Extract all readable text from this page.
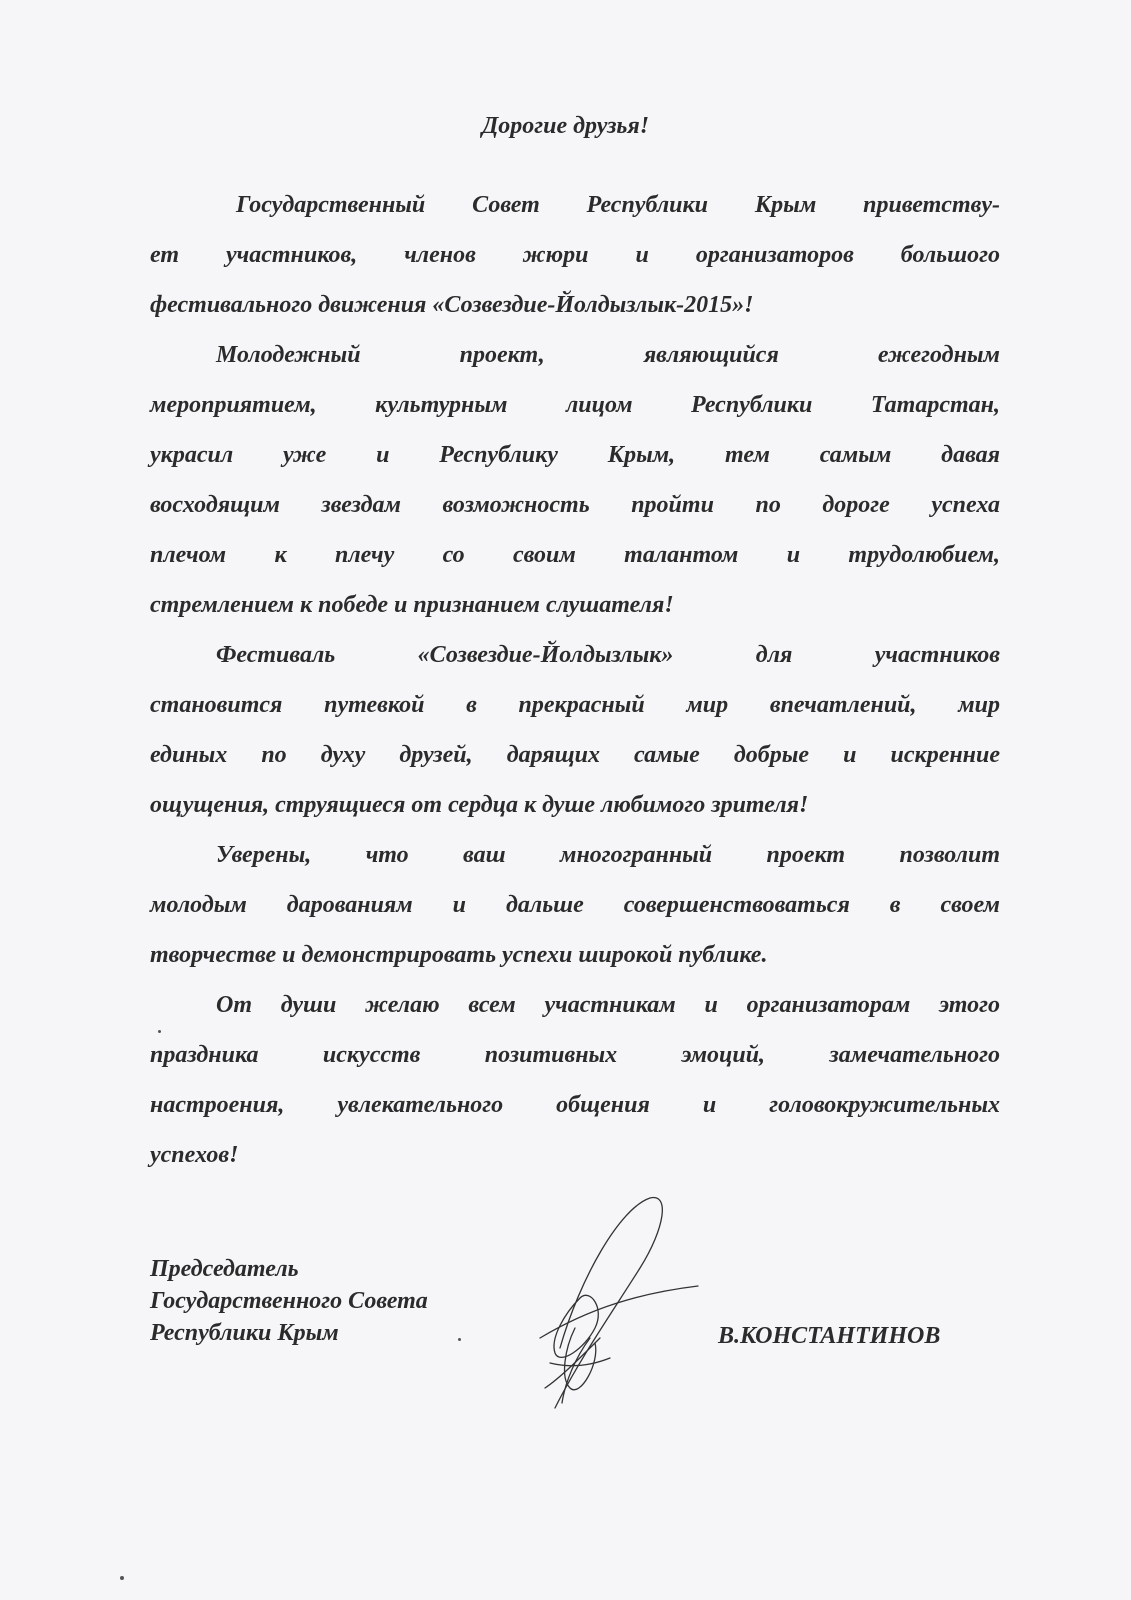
Дорогие друзья!
Государственный Совет Республики Крым приветству-
ет участников, членов жюри и организаторов большого
фестивального движения «Созвездие-Йолдызлык-2015»!
Молодежный проект, являющийся ежегодным
мероприятием, культурным лицом Республики Татарстан,
украсил уже и Республику Крым, тем самым давая
восходящим звездам возможность пройти по дороге успеха
плечом к плечу со своим талантом и трудолюбием,
стремлением к победе и признанием слушателя!
Фестиваль «Созвездие-Йолдызлык» для участников
становится путевкой в прекрасный мир впечатлений, мир
единых по духу друзей, дарящих самые добрые и искренние
ощущения, струящиеся от сердца к душе любимого зрителя!
Уверены, что ваш многогранный проект позволит
молодым дарованиям и дальше совершенствоваться в своем
творчестве и демонстрировать успехи широкой публике.
От души желаю всем участникам и организаторам этого
праздника искусств позитивных эмоций, замечательного
настроения, увлекательного общения и головокружительных
успехов!
Председатель
Государственного Совета
Республики Крым	В.КОНСТАНТИНОВ
